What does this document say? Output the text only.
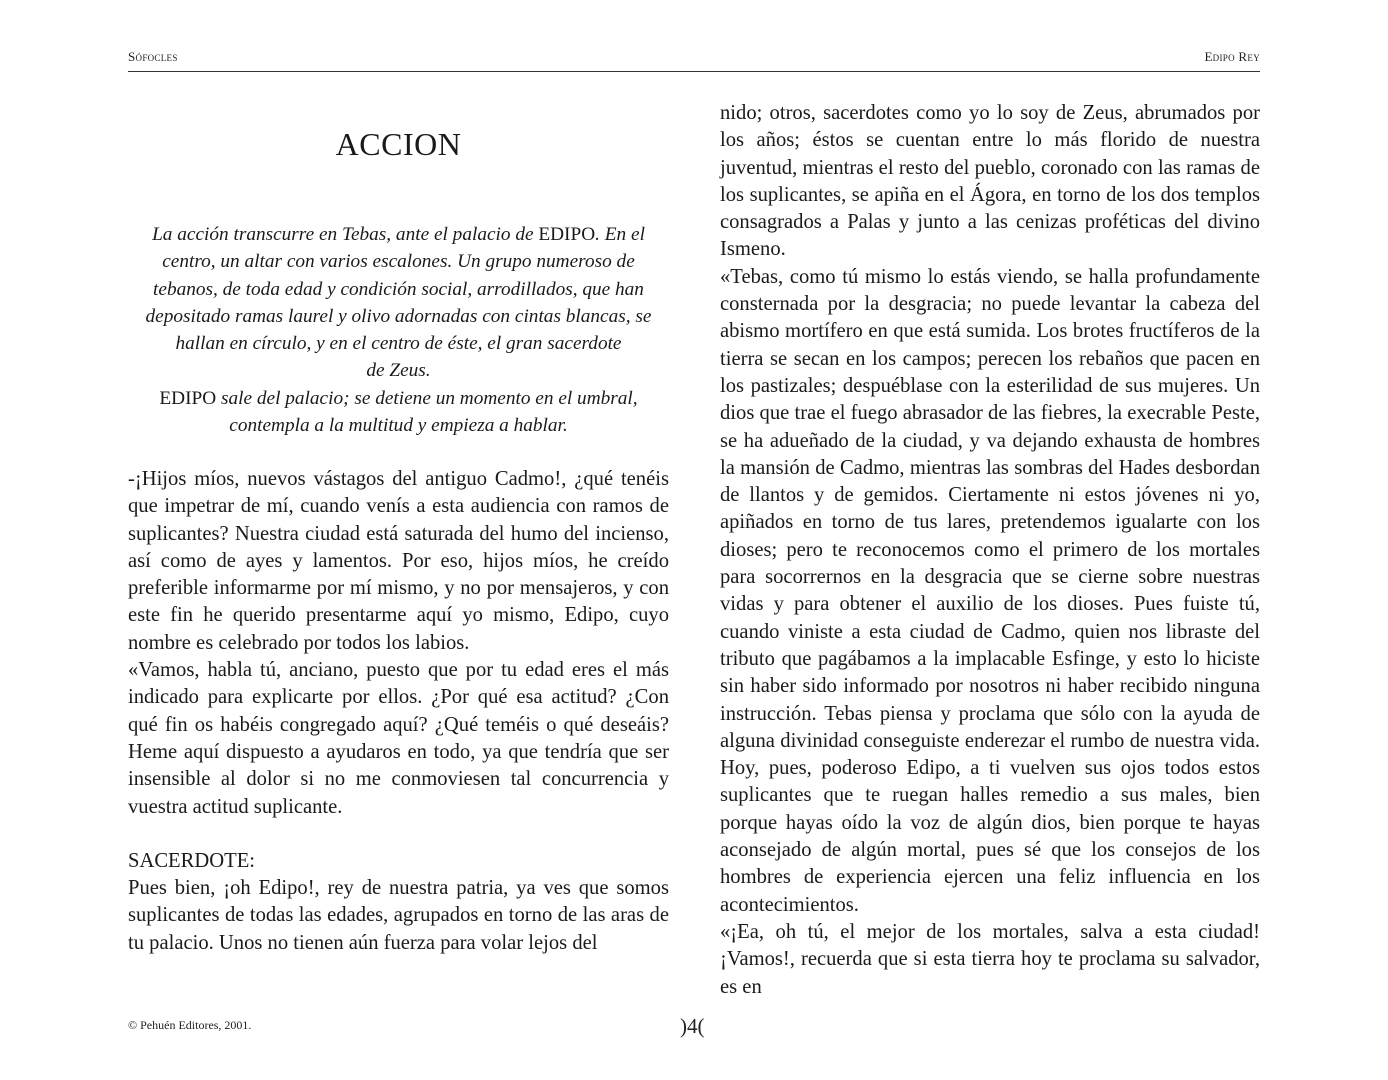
Sófocles	Edipo Rey
ACCION
La acción transcurre en Tebas, ante el palacio de EDIPO. En el centro, un altar con varios escalones. Un grupo numeroso de tebanos, de toda edad y condición social, arrodillados, que han depositado ramas laurel y olivo adornadas con cintas blancas, se hallan en círculo, y en el centro de éste, el gran sacerdote
de Zeus.
EDIPO sale del palacio; se detiene un momento en el umbral, contempla a la multitud y empieza a hablar.

-¡Hijos míos, nuevos vástagos del antiguo Cadmo!, ¿qué tenéis que impetrar de mí, cuando venís a esta audiencia con ramos de suplicantes? Nuestra ciudad está saturada del humo del incienso, así como de ayes y lamentos. Por eso, hijos míos, he creído preferible informarme por mí mismo, y no por mensajeros, y con este fin he querido presentarme aquí yo mismo, Edipo, cuyo nombre es celebrado por todos los labios.

«Vamos, habla tú, anciano, puesto que por tu edad eres el más indicado para explicarte por ellos. ¿Por qué esa actitud? ¿Con qué fin os habéis congregado aquí? ¿Qué teméis o qué deseáis? Heme aquí dispuesto a ayudaros en todo, ya que tendría que ser insensible al dolor si no me conmoviesen tal concurrencia y vuestra actitud suplicante.

SACERDOTE:

Pues bien, ¡oh Edipo!, rey de nuestra patria, ya ves que somos suplicantes de todas las edades, agrupados en torno de las aras de tu palacio. Unos no tienen aún fuerza para volar lejos del

nido; otros, sacerdotes como yo lo soy de Zeus, abrumados por los años; éstos se cuentan entre lo más florido de nuestra juventud, mientras el resto del pueblo, coronado con las ramas de los suplicantes, se apiña en el Ágora, en torno de los dos templos consagrados a Palas y junto a las cenizas proféticas del divino Ismeno.

«Tebas, como tú mismo lo estás viendo, se halla profundamente consternada por la desgracia; no puede levantar la cabeza del abismo mortífero en que está sumida. Los brotes fructíferos de la tierra se secan en los campos; perecen los rebaños que pacen en los pastizales; despuéblase con la esterilidad de sus mujeres. Un dios que trae el fuego abrasador de las fiebres, la execrable Peste, se ha adueñado de la ciudad, y va dejando exhausta de hombres la mansión de Cadmo, mientras las sombras del Hades desbordan de llantos y de gemidos. Ciertamente ni estos jóvenes ni yo, apiñados en torno de tus lares, pretendemos igualarte con los dioses; pero te reconocemos como el primero de los mortales para socorrernos en la desgracia que se cierne sobre nuestras vidas y para obtener el auxilio de los dioses. Pues fuiste tú, cuando viniste a esta ciudad de Cadmo, quien nos libraste del tributo que pagábamos a la implacable Esfinge, y esto lo hiciste sin haber sido informado por nosotros ni haber recibido ninguna instrucción. Tebas piensa y proclama que sólo con la ayuda de alguna divinidad conseguiste enderezar el rumbo de nuestra vida. Hoy, pues, poderoso Edipo, a ti vuelven sus ojos todos estos suplicantes que te ruegan halles remedio a sus males, bien porque hayas oído la voz de algún dios, bien porque te hayas aconsejado de algún mortal, pues sé que los consejos de los hombres de experiencia ejercen una feliz influencia en los acontecimientos.

«¡Ea, oh tú, el mejor de los mortales, salva a esta ciudad! ¡Vamos!, recuerda que si esta tierra hoy te proclama su salvador, es en

© Pehuén Editores, 2001.	)4(
